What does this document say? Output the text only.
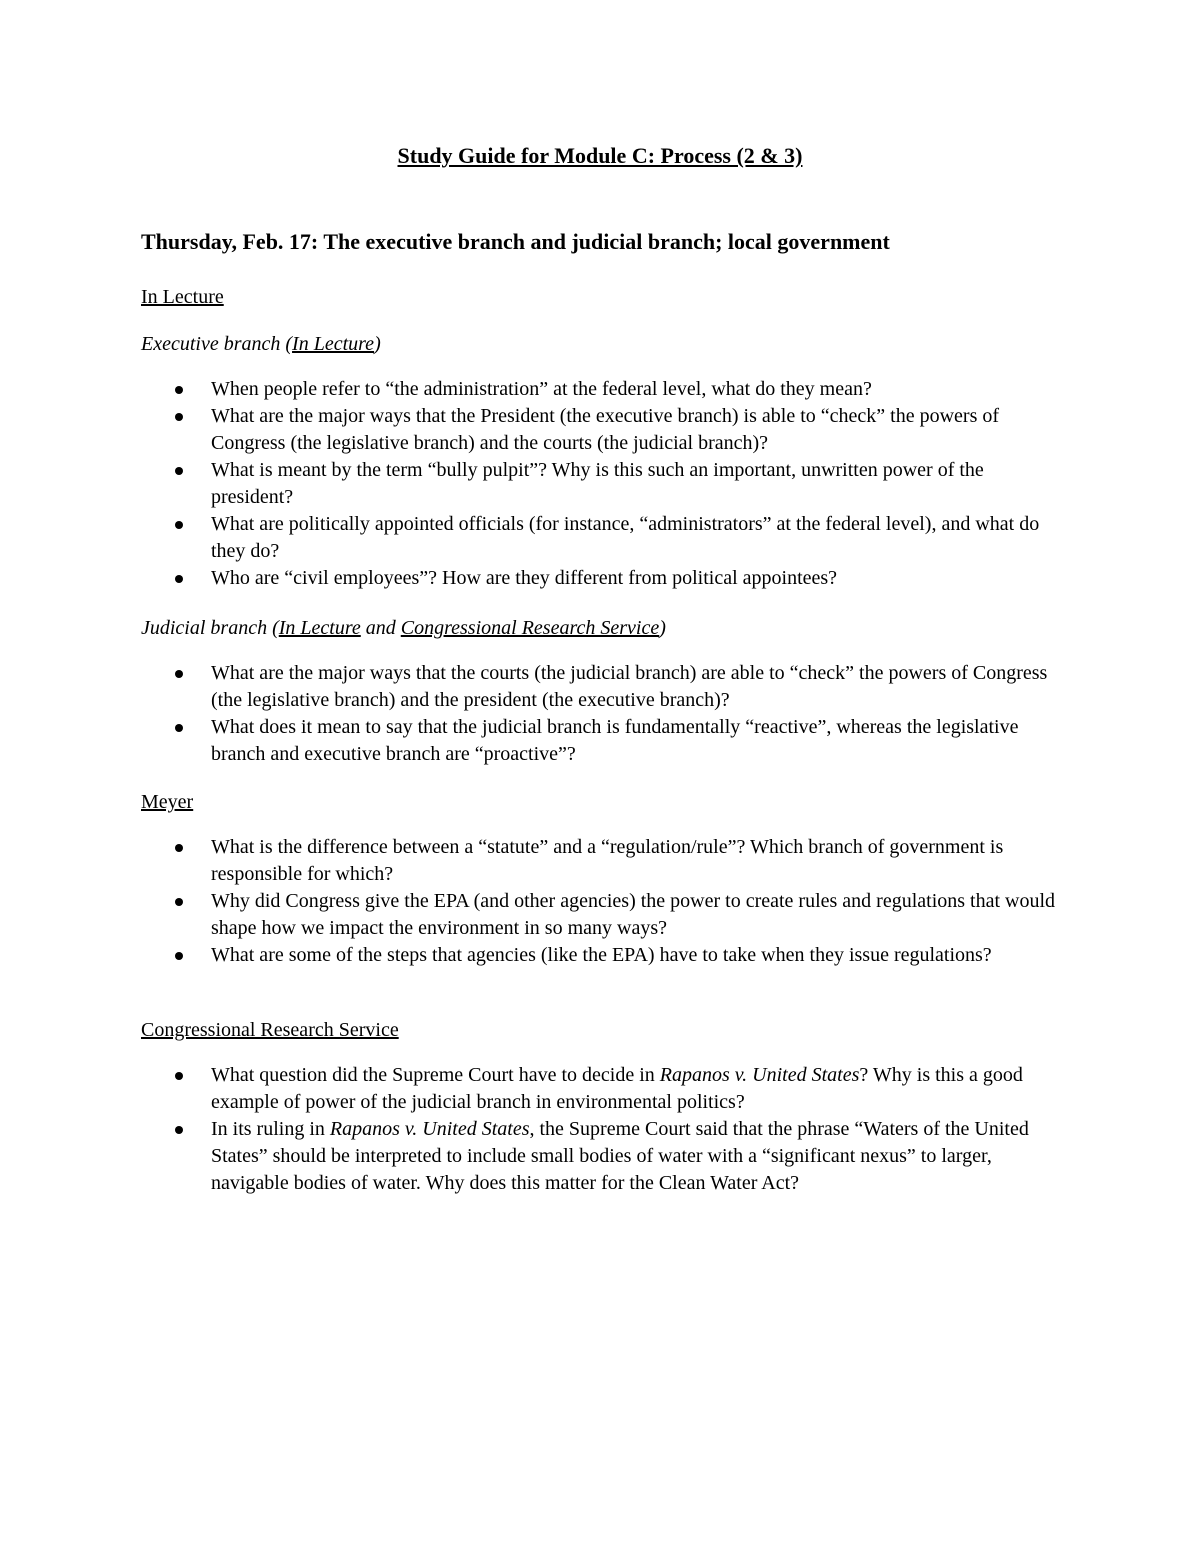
Study Guide for Module C: Process (2 & 3)
Thursday, Feb. 17: The executive branch and judicial branch; local government

In Lecture

Executive branch (In Lecture)

When people refer to “the administration” at the federal level, what do they mean?
What are the major ways that the President (the executive branch) is able to “check” the powers of Congress (the legislative branch) and the courts (the judicial branch)?
What is meant by the term “bully pulpit”? Why is this such an important, unwritten power of the president?
What are politically appointed officials (for instance, “administrators” at the federal level), and what do they do?
Who are “civil employees”? How are they different from political appointees?

Judicial branch (In Lecture and Congressional Research Service)

What are the major ways that the courts (the judicial branch) are able to “check” the powers of Congress (the legislative branch) and the president (the executive branch)?
What does it mean to say that the judicial branch is fundamentally “reactive”, whereas the legislative branch and executive branch are “proactive”?

Meyer

What is the difference between a “statute” and a “regulation/rule”? Which branch of government is responsible for which?
Why did Congress give the EPA (and other agencies) the power to create rules and regulations that would shape how we impact the environment in so many ways?
What are some of the steps that agencies (like the EPA) have to take when they issue regulations?

Congressional Research Service

What question did the Supreme Court have to decide in Rapanos v. United States? Why is this a good example of power of the judicial branch in environmental politics?
In its ruling in Rapanos v. United States, the Supreme Court said that the phrase “Waters of the United States” should be interpreted to include small bodies of water with a “significant nexus” to larger, navigable bodies of water. Why does this matter for the Clean Water Act?
